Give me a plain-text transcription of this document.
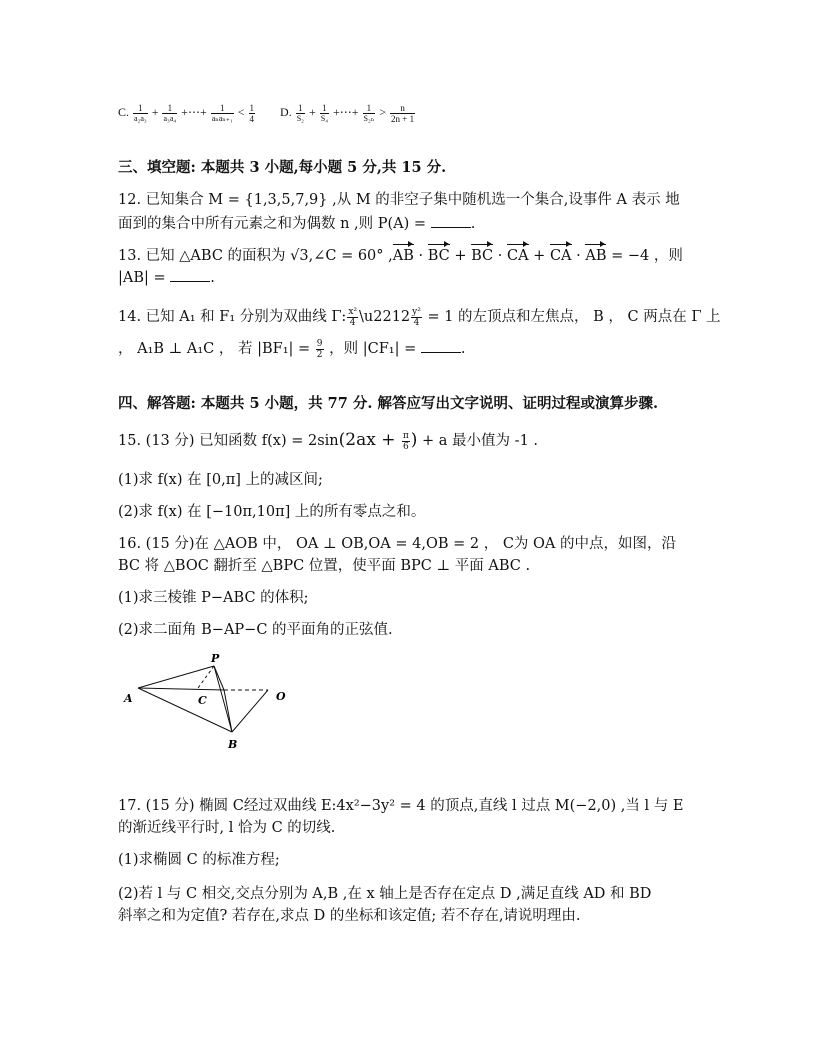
C. $\frac{1}{\text{a₂a₃}} + \frac{1}{\text{a₃a₄}}$ +⋯+ $\frac{1}{\text{aₙaₙ₊₁}} < \frac{1}{4} D$. $\frac{1}{\text{S₂}} + \frac{1}{\text{S₄}}$ +⋯+ $\frac{1}{\text{S₂ₙ}} > \frac{n}{2n + 1}$
三、填空题: 本题共 3 小题,每小题 5 分,共 15 分.
12. 已知集合 M = {1,3,5,7,9} ,从 M 的非空子集中随机选一个集合,设事件 A 表示 地
面到的集合中所有元素之和为偶数 n ,则 P(A) =	.
13. 已知 △ABC 的面积为 √3,∠C = 60° ,AB · BC + BC · CA + CA · AB = −4 ，则
|AB| =	.
14. 已知 A₁ 和 F₁ 分别为双曲线 Γ: $\frac{\text{x²}}{4}$ \u2212 $\frac{\text{y²}}{4} = 1$ 的左顶点和左焦点， B ， C 两点在 Γ 上
， A₁B ⊥ A₁C ， 若 $|BF_1| = \frac{9}{2}$ ，则 |CF₁| =	.
四、解答题: 本题共 5 小题，共 77 分. 解答应写出文字说明、证明过程或演算步骤.
15. (13 分) 已知函数 $f(x) = 2\sin(2ax + \frac{\pi}{6}$ ) + a 最小值为 -1 .
(1)求 f(x) 在 [0,π] 上的减区间;
(2)求 f(x) 在 [−10π,10π] 上的所有零点之和。
16. (15 分)在 △AOB 中， OA ⊥ OB,OA = 4,OB = 2 ， C为 OA 的中点，如图，沿
BC 将 △BOC 翻折至 △BPC 位置，使平面 BPC ⊥ 平面 ABC .
(1)求三棱锥 P−ABC 的体积;
(2)求二面角 B−AP−C 的平面角的正弦值.
P
A	C	O
B
17. (15 分) 椭圆 C经过双曲线 E:4x²−3y² = 4 的顶点,直线 l 过点 M(−2,0) ,当 l 与 E
的渐近线平行时, l 恰为 C 的切线.
(1)求椭圆 C 的标准方程;
(2)若 l 与 C 相交,交点分别为 A,B ,在 x 轴上是否存在定点 D ,满足直线 AD 和 BD
斜率之和为定值? 若存在,求点 D 的坐标和该定值; 若不存在,请说明理由.
